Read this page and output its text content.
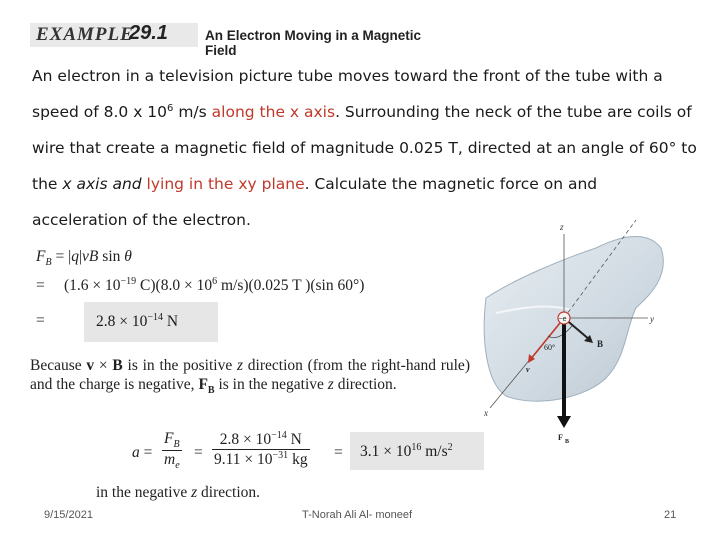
EXAMPLE
29.1	An Electron Moving in a Magnetic Field
An electron in a television picture tube moves toward the front of the tube with a speed of 8.0 x $10^6$ m/s along the x axis. Surrounding the neck of the tube are coils of wire that create a magnetic field of magnitude 0.025 T, directed at an angle of 60° to the x axis and lying in the xy plane. Calculate the magnetic force on and acceleration of the electron.
$F_B = |q|vB$ sin θ
= ($1.6 \times 10^{-19}$ $C)(8.0 \times 10^6$ m/s)(0.025 T )(sin 60°)
=	$2.8 \times 10^{-14}$ N
Because v × B is in the positive z direction (from the right-hand rule) and the charge is negative, $F_B$ is in the negative z direction.
$a = \frac{F_B}{m_e} = \frac{2.8 \times 10^{-14} N}{9.11 \times 10^{-31} kg} = 3.1 \times 10^{16}$ $m/s^2$
in the negative z direction.
z
y
x
v
B
60°
F B
−e
9/15/2021	T-Norah Ali Al- moneef	21
